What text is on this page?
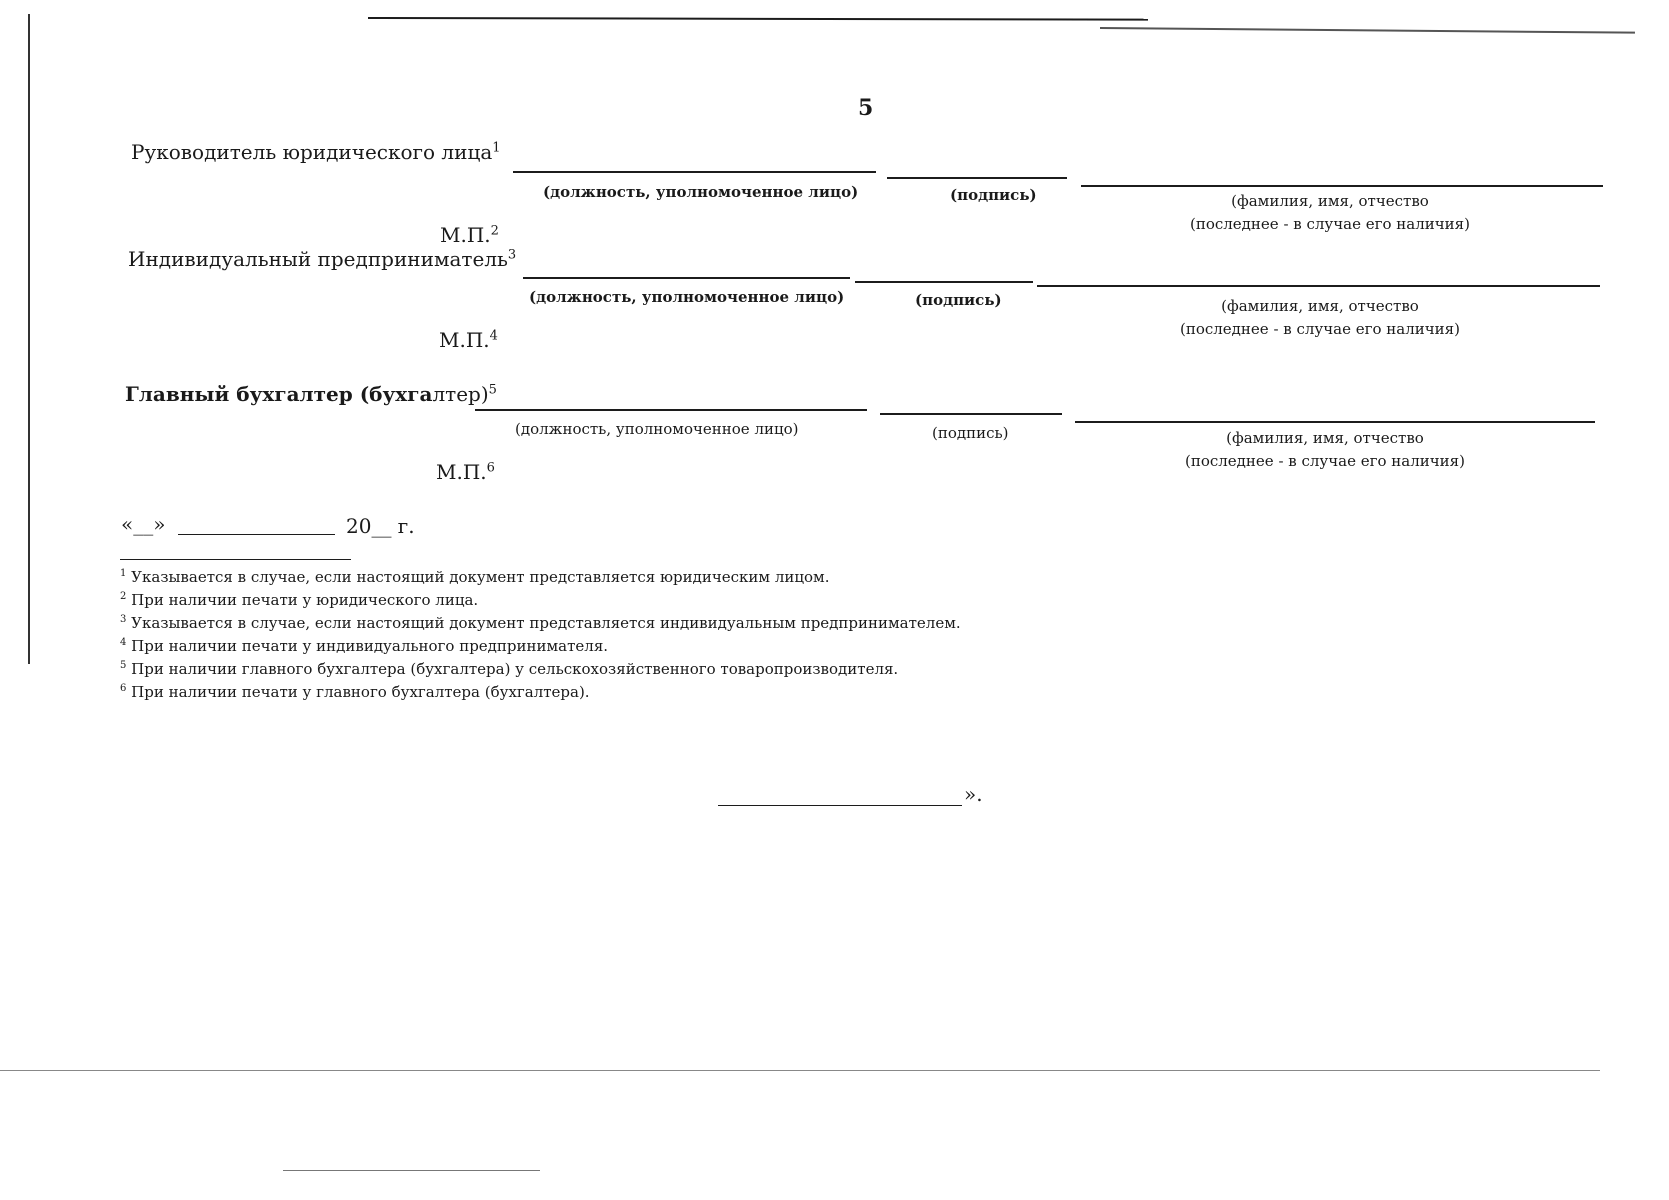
5
Руководитель юридического лица$^1$
(должность, уполномоченное лицо)	(подпись)	(фамилия, имя, отчество
(последнее - в случае его наличия)
М.П.$^2$
Индивидуальный предприниматель$^3$
(должность, уполномоченное лицо)	(подпись)	(фамилия, имя, отчество
(последнее - в случае его наличия)
М.П.$^4$
Главный бухгалтер (бухгалтер)$^5$
(должность, уполномоченное лицо)	(подпись)	(фамилия, имя, отчество
(последнее - в случае его наличия)
М.П.$^6$
«__»	20__ г.
$^1$ Указывается в случае, если настоящий документ представляется юридическим лицом.
$^2$ При наличии печати у юридического лица.
$^3$ Указывается в случае, если настоящий документ представляется индивидуальным предпринимателем.
$^4$ При наличии печати у индивидуального предпринимателя.
$^5$ При наличии главного бухгалтера (бухгалтера) у сельскохозяйственного товаропроизводителя.
$^6$ При наличии печати у главного бухгалтера (бухгалтера).
».
